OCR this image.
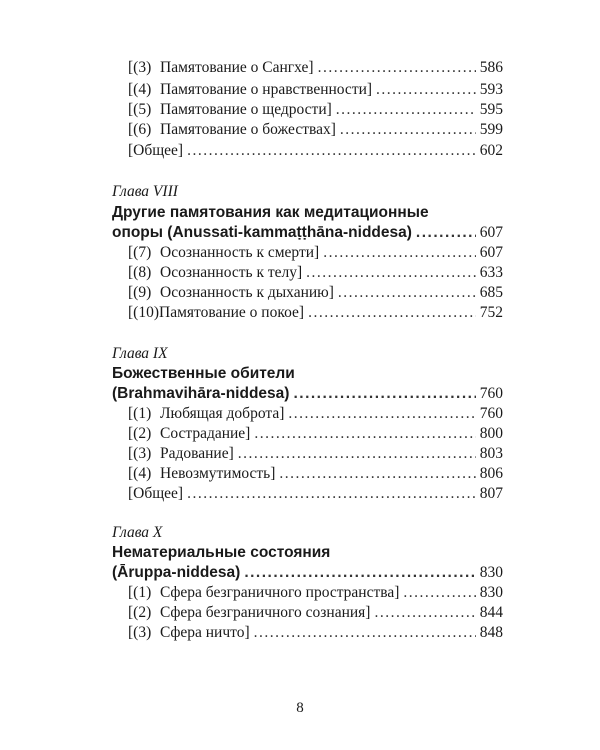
[(3) Памятование о Сангхе] .....	586
[(4) Памятование о нравственности] .....	593
[(5) Памятование о щедрости] .....	595
[(6) Памятование о божествах] .....	599
[Общее] .....	602
Глава VIII
Другие памятования как медитационные
опоры (Anussati-kammaṭṭhāna-niddesa) .....	607
[(7) Осознанность к смерти] .....	607
[(8) Осознанность к телу] .....	633
[(9) Осознанность к дыханию] .....	685
[(10) Памятование о покое] .....	752
Глава IX
Божественные обители
(Brahmavihāra-niddesa) .....	760
[(1) Любящая доброта] .....	760
[(2) Сострадание] .....	800
[(3) Радование] .....	803
[(4) Невозмутимость] .....	806
[Общее] .....	807
Глава X
Нематериальные состояния
(Āruppa-niddesa) .....	830
[(1) Сфера безграничного пространства] .....	830
[(2) Сфера безграничного сознания] .....	844
[(3) Сфера ничто] .....	848
8
